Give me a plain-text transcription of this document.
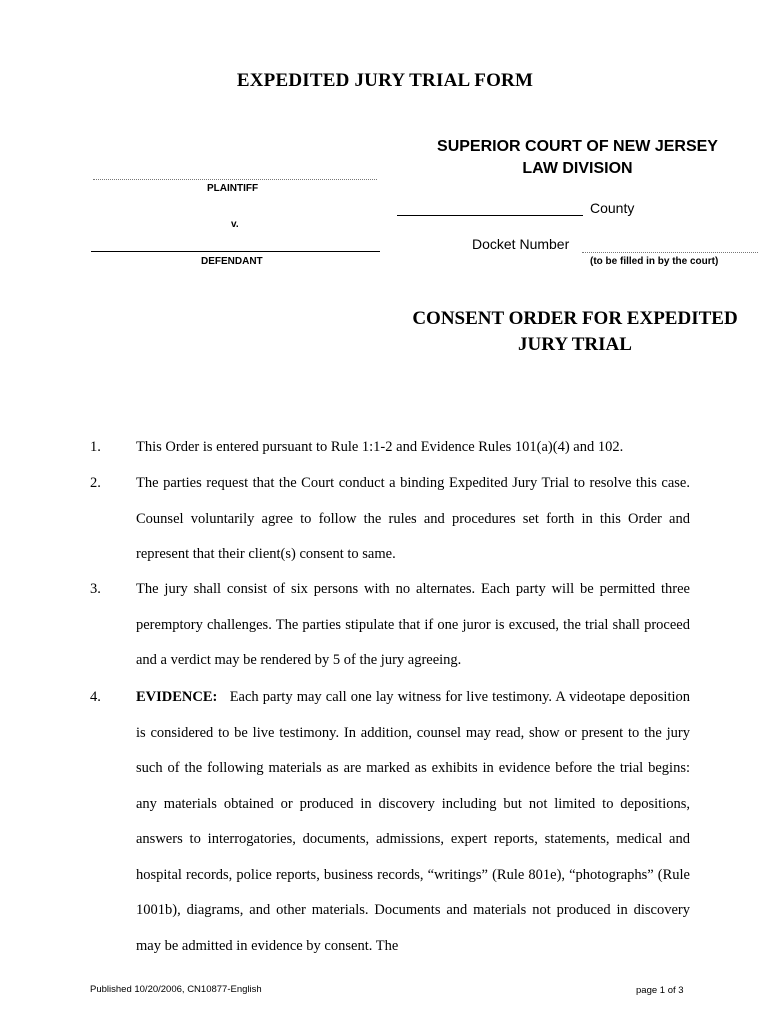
EXPEDITED JURY TRIAL FORM
SUPERIOR COURT OF NEW JERSEY
LAW DIVISION
PLAINTIFF
v.
DEFENDANT
County
Docket Number
(to be filled in by the court)
CONSENT ORDER FOR EXPEDITED
JURY TRIAL
1.	This Order is entered pursuant to Rule 1:1-2 and Evidence Rules 101(a)(4) and 102.
2.	The parties request that the Court conduct a binding Expedited Jury Trial to resolve this case. Counsel voluntarily agree to follow the rules and procedures set forth in this Order and represent that their client(s) consent to same.
3.	The jury shall consist of six persons with no alternates. Each party will be permitted three peremptory challenges. The parties stipulate that if one juror is excused, the trial shall proceed and a verdict may be rendered by 5 of the jury agreeing.
4.	EVIDENCE: Each party may call one lay witness for live testimony. A videotape deposition is considered to be live testimony. In addition, counsel may read, show or present to the jury such of the following materials as are marked as exhibits in evidence before the trial begins: any materials obtained or produced in discovery including but not limited to depositions, answers to interrogatories, documents, admissions, expert reports, statements, medical and hospital records, police reports, business records, “writings” (Rule 801e), “photographs” (Rule 1001b), diagrams, and other materials. Documents and materials not produced in discovery may be admitted in evidence by consent. The
Published 10/20/2006, CN10877-English	page 1 of 3
